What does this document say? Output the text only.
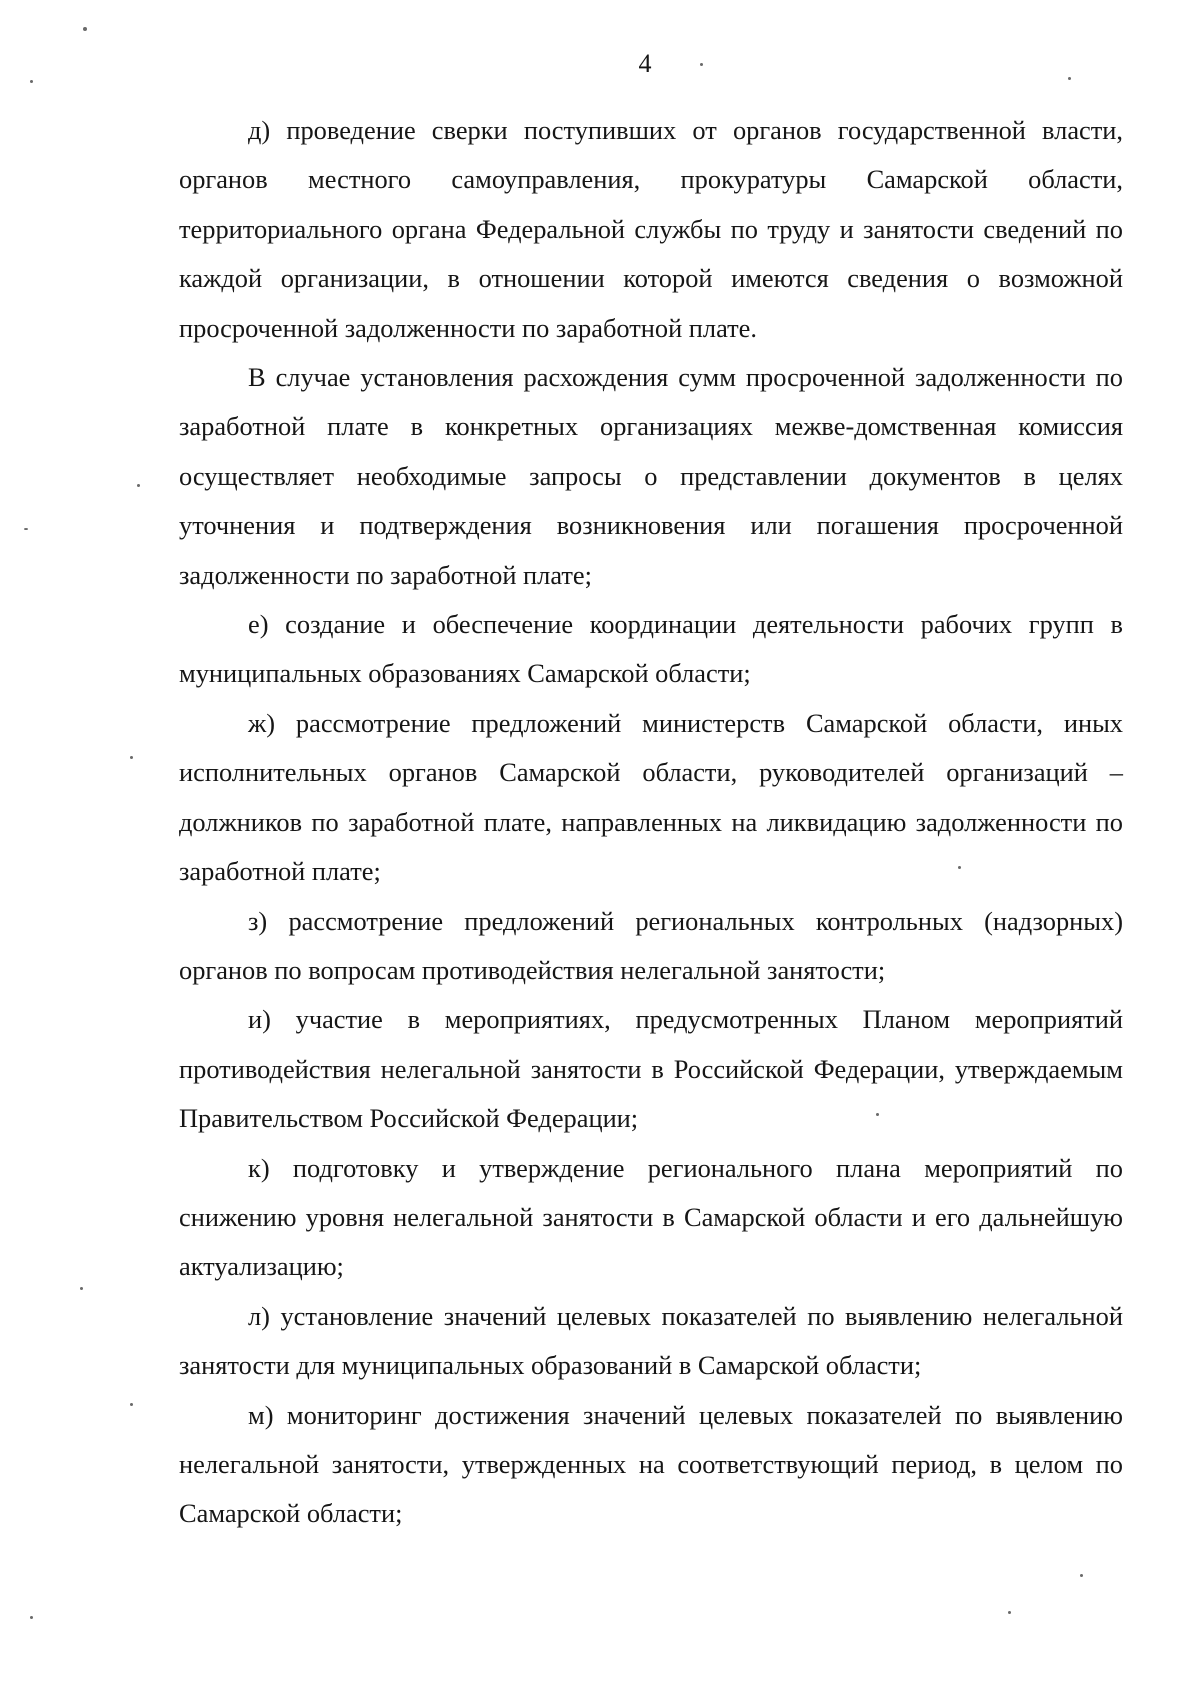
4

д) проведение сверки поступивших от органов государственной власти, органов местного самоуправления, прокуратуры Самарской области, территориального органа Федеральной службы по труду и занятости сведений по каждой организации, в отношении которой имеются сведения о возможной просроченной задолженности по заработной плате.

В случае установления расхождения сумм просроченной задолженности по заработной плате в конкретных организациях межве-домственная комиссия осуществляет необходимые запросы о представлении документов в целях уточнения и подтверждения возникновения или погашения просроченной задолженности по заработной плате;

е) создание и обеспечение координации деятельности рабочих групп в муниципальных образованиях Самарской области;

ж) рассмотрение предложений министерств Самарской области, иных исполнительных органов Самарской области, руководителей организаций – должников по заработной плате, направленных на ликвидацию задолженности по заработной плате;

з) рассмотрение предложений региональных контрольных (надзорных) органов по вопросам противодействия нелегальной занятости;

и) участие в мероприятиях, предусмотренных Планом мероприятий противодействия нелегальной занятости в Российской Федерации, утверждаемым Правительством Российской Федерации;

к) подготовку и утверждение регионального плана мероприятий по снижению уровня нелегальной занятости в Самарской области и его дальнейшую актуализацию;

л) установление значений целевых показателей по выявлению нелегальной занятости для муниципальных образований в Самарской области;

м) мониторинг достижения значений целевых показателей по выявлению нелегальной занятости, утвержденных на соответствующий период, в целом по Самарской области;
